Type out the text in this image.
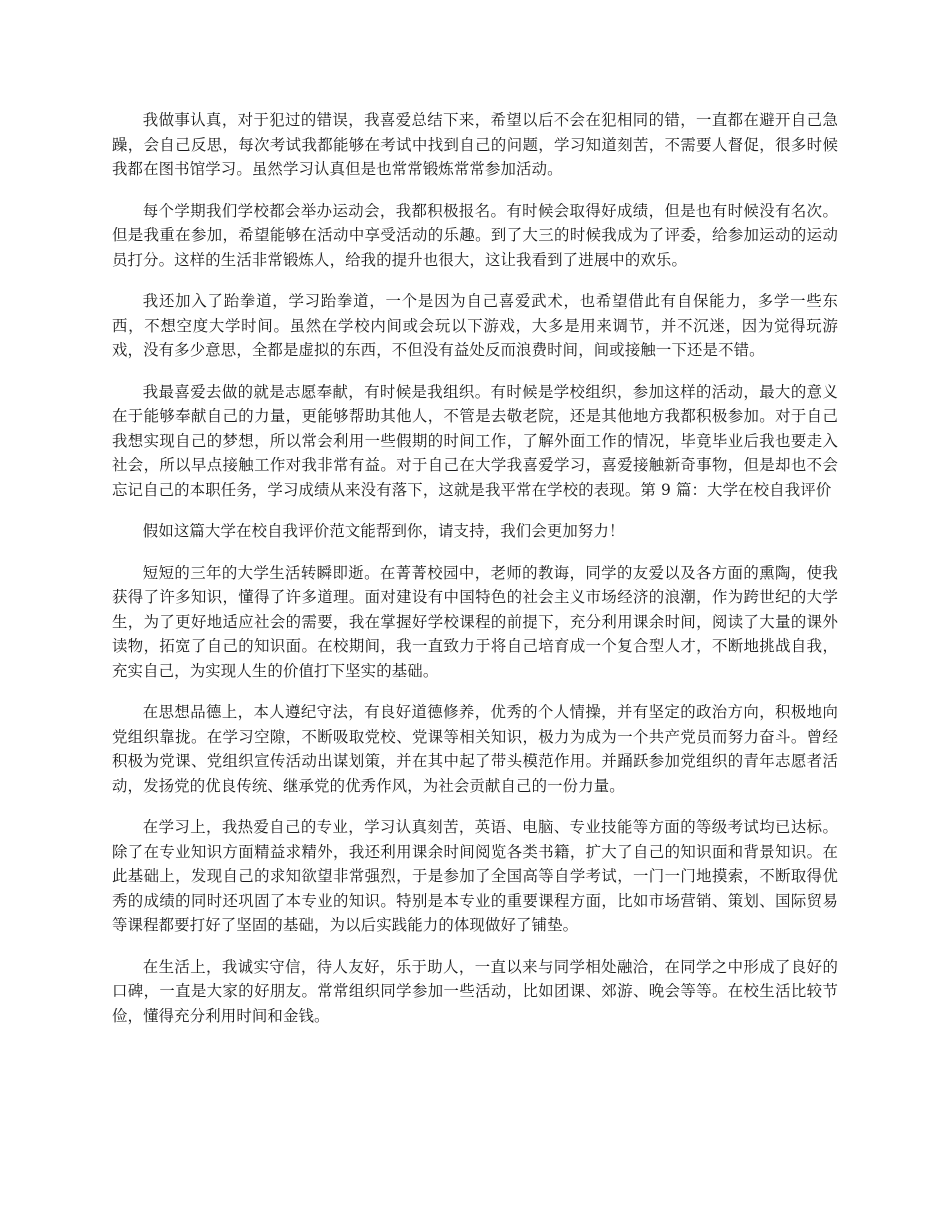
我做事认真，对于犯过的错误，我喜爱总结下来，希望以后不会在犯相同的错，一直都在避开自己急躁，会自己反思，每次考试我都能够在考试中找到自己的问题，学习知道刻苦，不需要人督促，很多时候我都在图书馆学习。虽然学习认真但是也常常锻炼常常参加活动。

每个学期我们学校都会举办运动会，我都积极报名。有时候会取得好成绩，但是也有时候没有名次。但是我重在参加，希望能够在活动中享受活动的乐趣。到了大三的时候我成为了评委，给参加运动的运动员打分。这样的生活非常锻炼人，给我的提升也很大，这让我看到了进展中的欢乐。

我还加入了跆拳道，学习跆拳道，一个是因为自己喜爱武术，也希望借此有自保能力，多学一些东西，不想空度大学时间。虽然在学校内间或会玩以下游戏，大多是用来调节，并不沉迷，因为觉得玩游戏，没有多少意思，全都是虚拟的东西，不但没有益处反而浪费时间，间或接触一下还是不错。

我最喜爱去做的就是志愿奉献，有时候是我组织。有时候是学校组织，参加这样的活动，最大的意义在于能够奉献自己的力量，更能够帮助其他人，不管是去敬老院，还是其他地方我都积极参加。对于自己我想实现自己的梦想，所以常会利用一些假期的时间工作，了解外面工作的情况，毕竟毕业后我也要走入社会，所以早点接触工作对我非常有益。对于自己在大学我喜爱学习，喜爱接触新奇事物，但是却也不会忘记自己的本职任务，学习成绩从来没有落下，这就是我平常在学校的表现。第 9 篇：大学在校自我评价

假如这篇大学在校自我评价范文能帮到你，请支持，我们会更加努力！

短短的三年的大学生活转瞬即逝。在菁菁校园中，老师的教诲，同学的友爱以及各方面的熏陶，使我获得了许多知识，懂得了许多道理。面对建设有中国特色的社会主义市场经济的浪潮，作为跨世纪的大学生，为了更好地适应社会的需要，我在掌握好学校课程的前提下，充分利用课余时间，阅读了大量的课外读物，拓宽了自己的知识面。在校期间，我一直致力于将自己培育成一个复合型人才，不断地挑战自我，充实自己，为实现人生的价值打下坚实的基础。

在思想品德上，本人遵纪守法，有良好道德修养，优秀的个人情操，并有坚定的政治方向，积极地向党组织靠拢。在学习空隙，不断吸取党校、党课等相关知识，极力为成为一个共产党员而努力奋斗。曾经积极为党课、党组织宣传活动出谋划策，并在其中起了带头模范作用。并踊跃参加党组织的青年志愿者活动，发扬党的优良传统、继承党的优秀作风，为社会贡献自己的一份力量。

在学习上，我热爱自己的专业，学习认真刻苦，英语、电脑、专业技能等方面的等级考试均已达标。除了在专业知识方面精益求精外，我还利用课余时间阅览各类书籍，扩大了自己的知识面和背景知识。在此基础上，发现自己的求知欲望非常强烈，于是参加了全国高等自学考试，一门一门地摸索，不断取得优秀的成绩的同时还巩固了本专业的知识。特别是本专业的重要课程方面，比如市场营销、策划、国际贸易等课程都要打好了坚固的基础，为以后实践能力的体现做好了铺垫。

在生活上，我诚实守信，待人友好，乐于助人，一直以来与同学相处融洽，在同学之中形成了良好的口碑，一直是大家的好朋友。常常组织同学参加一些活动，比如团课、郊游、晚会等等。在校生活比较节俭，懂得充分利用时间和金钱。
